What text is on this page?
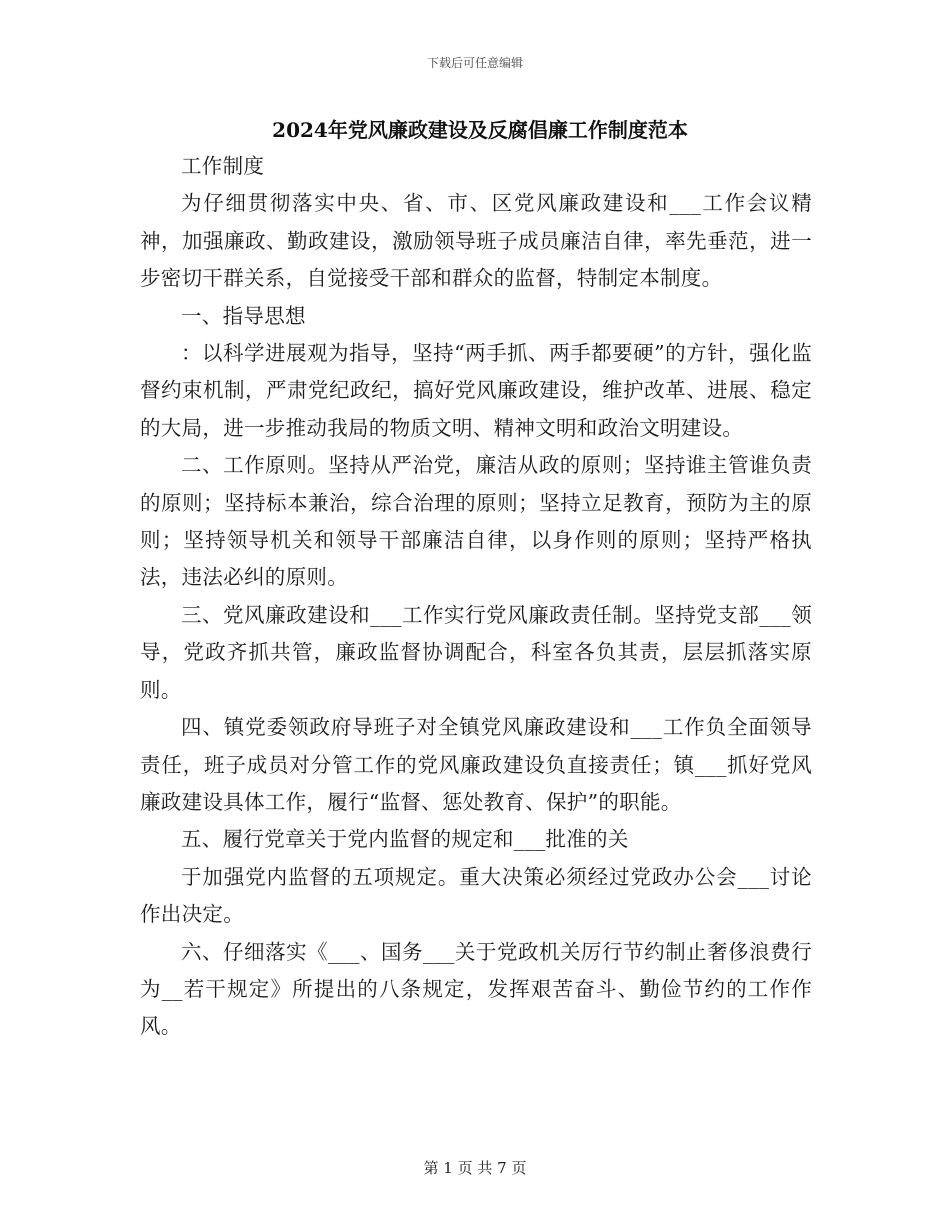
下载后可任意编辑
2024年党风廉政建设及反腐倡廉工作制度范本

工作制度

为仔细贯彻落实中央、省、市、区党风廉政建设和___工作会议精神，加强廉政、勤政建设，激励领导班子成员廉洁自律，率先垂范，进一步密切干群关系，自觉接受干部和群众的监督，特制定本制度。

一、指导思想

：以科学进展观为指导，坚持“两手抓、两手都要硬”的方针，强化监督约束机制，严肃党纪政纪，搞好党风廉政建设，维护改革、进展、稳定的大局，进一步推动我局的物质文明、精神文明和政治文明建设。

二、工作原则。坚持从严治党，廉洁从政的原则；坚持谁主管谁负责的原则；坚持标本兼治，综合治理的原则；坚持立足教育，预防为主的原则；坚持领导机关和领导干部廉洁自律，以身作则的原则；坚持严格执法，违法必纠的原则。

三、党风廉政建设和___工作实行党风廉政责任制。坚持党支部___领导，党政齐抓共管，廉政监督协调配合，科室各负其责，层层抓落实原则。

四、镇党委领政府导班子对全镇党风廉政建设和___工作负全面领导责任，班子成员对分管工作的党风廉政建设负直接责任；镇___抓好党风廉政建设具体工作，履行“监督、惩处教育、保护”的职能。

五、履行党章关于党内监督的规定和___批准的关

于加强党内监督的五项规定。重大决策必须经过党政办公会___讨论作出决定。

六、仔细落实《___、国务___关于党政机关厉行节约制止奢侈浪费行为__若干规定》所提出的八条规定，发挥艰苦奋斗、勤俭节约的工作作风。

第 1 页 共 7 页
